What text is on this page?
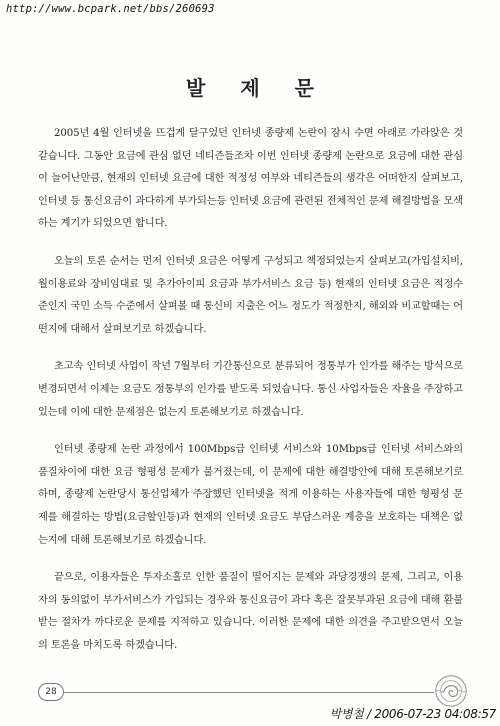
http://www.bcpark.net/bbs/260693
발 제 문

2005년 4월 인터넷을 뜨겁게 달구었던 인터넷 종량제 논란이 잠시 수면 아래로 가라앉은 것 같습니다. 그동안 요금에 관심 없던 네티즌들조차 이번 인터넷 종량제 논란으로 요금에 대한 관심이 늘어난만큼, 현재의 인터넷 요금에 대한 적정성 여부와 네티즌들의 생각은 어떠한지 살펴보고, 인터넷 등 통신요금이 과다하게 부가되는등 인터넷 요금에 관련된 전체적인 문제 해결방법을 모색하는 계기가 되었으면 합니다.

오늘의 토론 순서는 먼저 인터넷 요금은 어떻게 구성되고 책정되었는지 살펴보고(가입설치비, 월이용료와 장비임대료 및 추가아이피 요금과 부가서비스 요금 등) 현재의 인터넷 요금은 적정수준인지 국민 소득 수준에서 살펴볼 때 통신비 지출은 어느 정도가 적정한지, 해외와 비교할때는 어떤지에 대해서 살펴보기로 하겠습니다.

초고속 인터넷 사업이 작년 7월부터 기간통신으로 분류되어 정통부가 인가를 해주는 방식으로 변경되면서 이제는 요금도 정통부의 인가를 받도록 되었습니다. 통신 사업자들은 자율을 주장하고 있는데 이에 대한 문제점은 없는지 토론해보기로 하겠습니다.

인터넷 종량제 논란 과정에서 100Mbps급 인터넷 서비스와 10Mbps급 인터넷 서비스와의 품질차이에 대한 요금 형평성 문제가 불거졌는데, 이 문제에 대한 해결방안에 대해 토론해보기로 하며, 종량제 논란당시 통신업체가 주장했던 인터넷을 적게 이용하는 사용자들에 대한 형평성 문제를 해결하는 방법(요금할인등)과 현재의 인터넷 요금도 부담스러운 계층을 보호하는 대책은 없는지에 대해 토론해보기로 하겠습니다.

끝으로, 이용자들은 투자소홀로 인한 품질이 떨어지는 문제와 과당경쟁의 문제, 그리고, 이용자의 동의없이 부가서비스가 가입되는 경우와 통신요금이 과다 혹은 잘못부과된 요금에 대해 환불받는 절차가 까다로운 문제를 지적하고 있습니다. 이러한 문제에 대한 의견을 주고받으면서 오늘의 토론을 마치도록 하겠습니다.

28
박병철 / 2006-07-23 04:08:57
